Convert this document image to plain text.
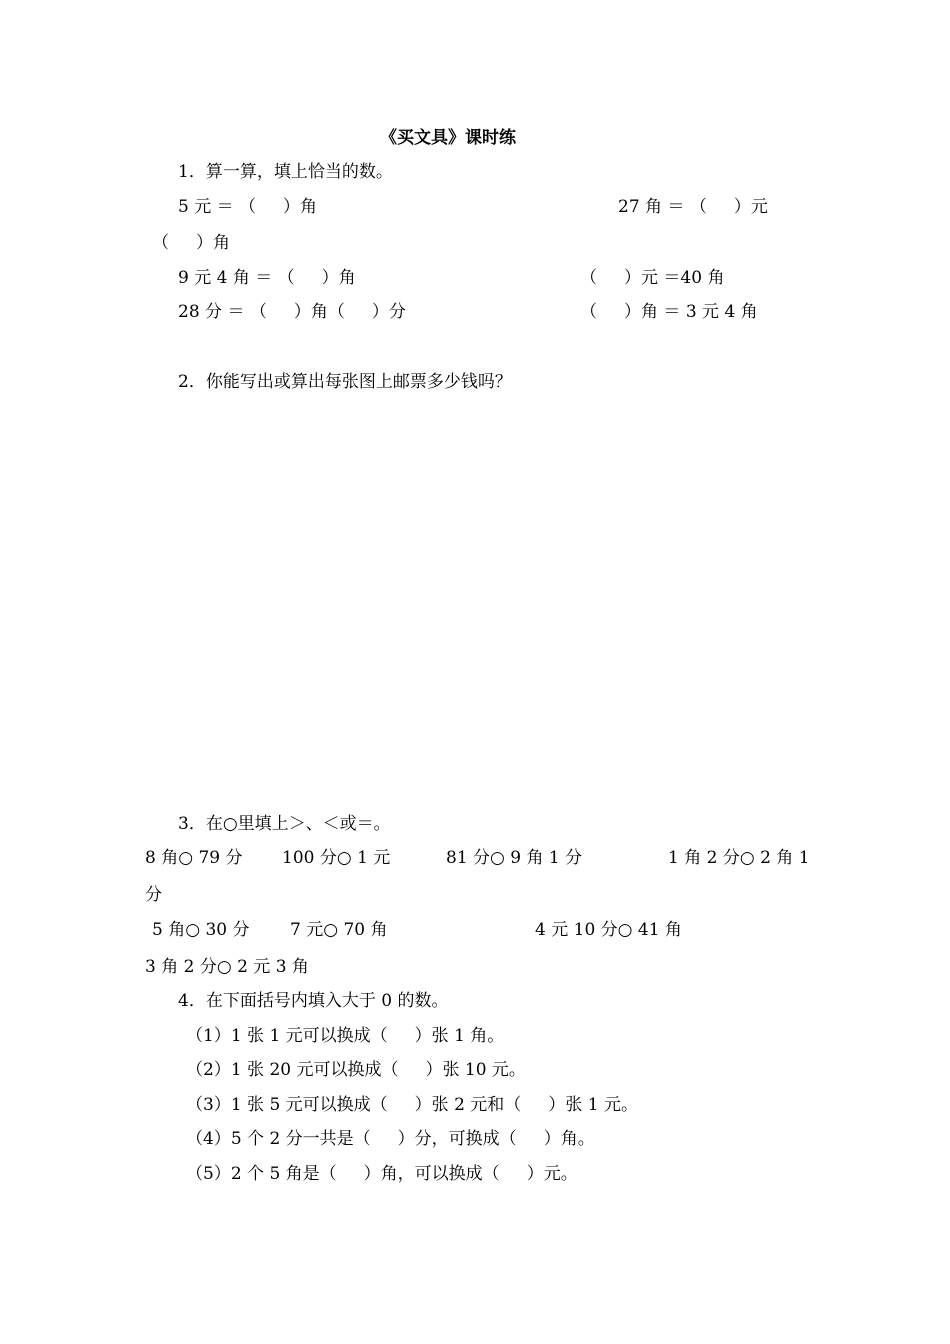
《买文具》课时练
1．算一算，填上恰当的数。
5 元 ＝ （     ）角	27 角 ＝ （     ）元
（     ）角
9 元 4 角 ＝ （     ）角	（     ）元 ＝40 角
28 分 ＝ （     ）角（     ）分	（     ）角 ＝ 3 元 4 角
2．你能写出或算出每张图上邮票多少钱吗？
3．在○里填上＞、＜或＝。
8 角○ 79 分 100 分○ 1 元	81 分○ 9 角 1 分	1 角 2 分○ 2 角 1
分
5 角○ 30 分 7 元○ 70 角	4 元 10 分○ 41 角
3 角 2 分○ 2 元 3 角
4．在下面括号内填入大于 0 的数。
（1）1 张 1 元可以换成（     ）张 1 角。
（2）1 张 20 元可以换成（     ）张 10 元。
（3）1 张 5 元可以换成（     ）张 2 元和（     ）张 1 元。
（4）5 个 2 分一共是（     ）分，可换成（     ）角。
（5）2 个 5 角是（     ）角，可以换成（     ）元。
